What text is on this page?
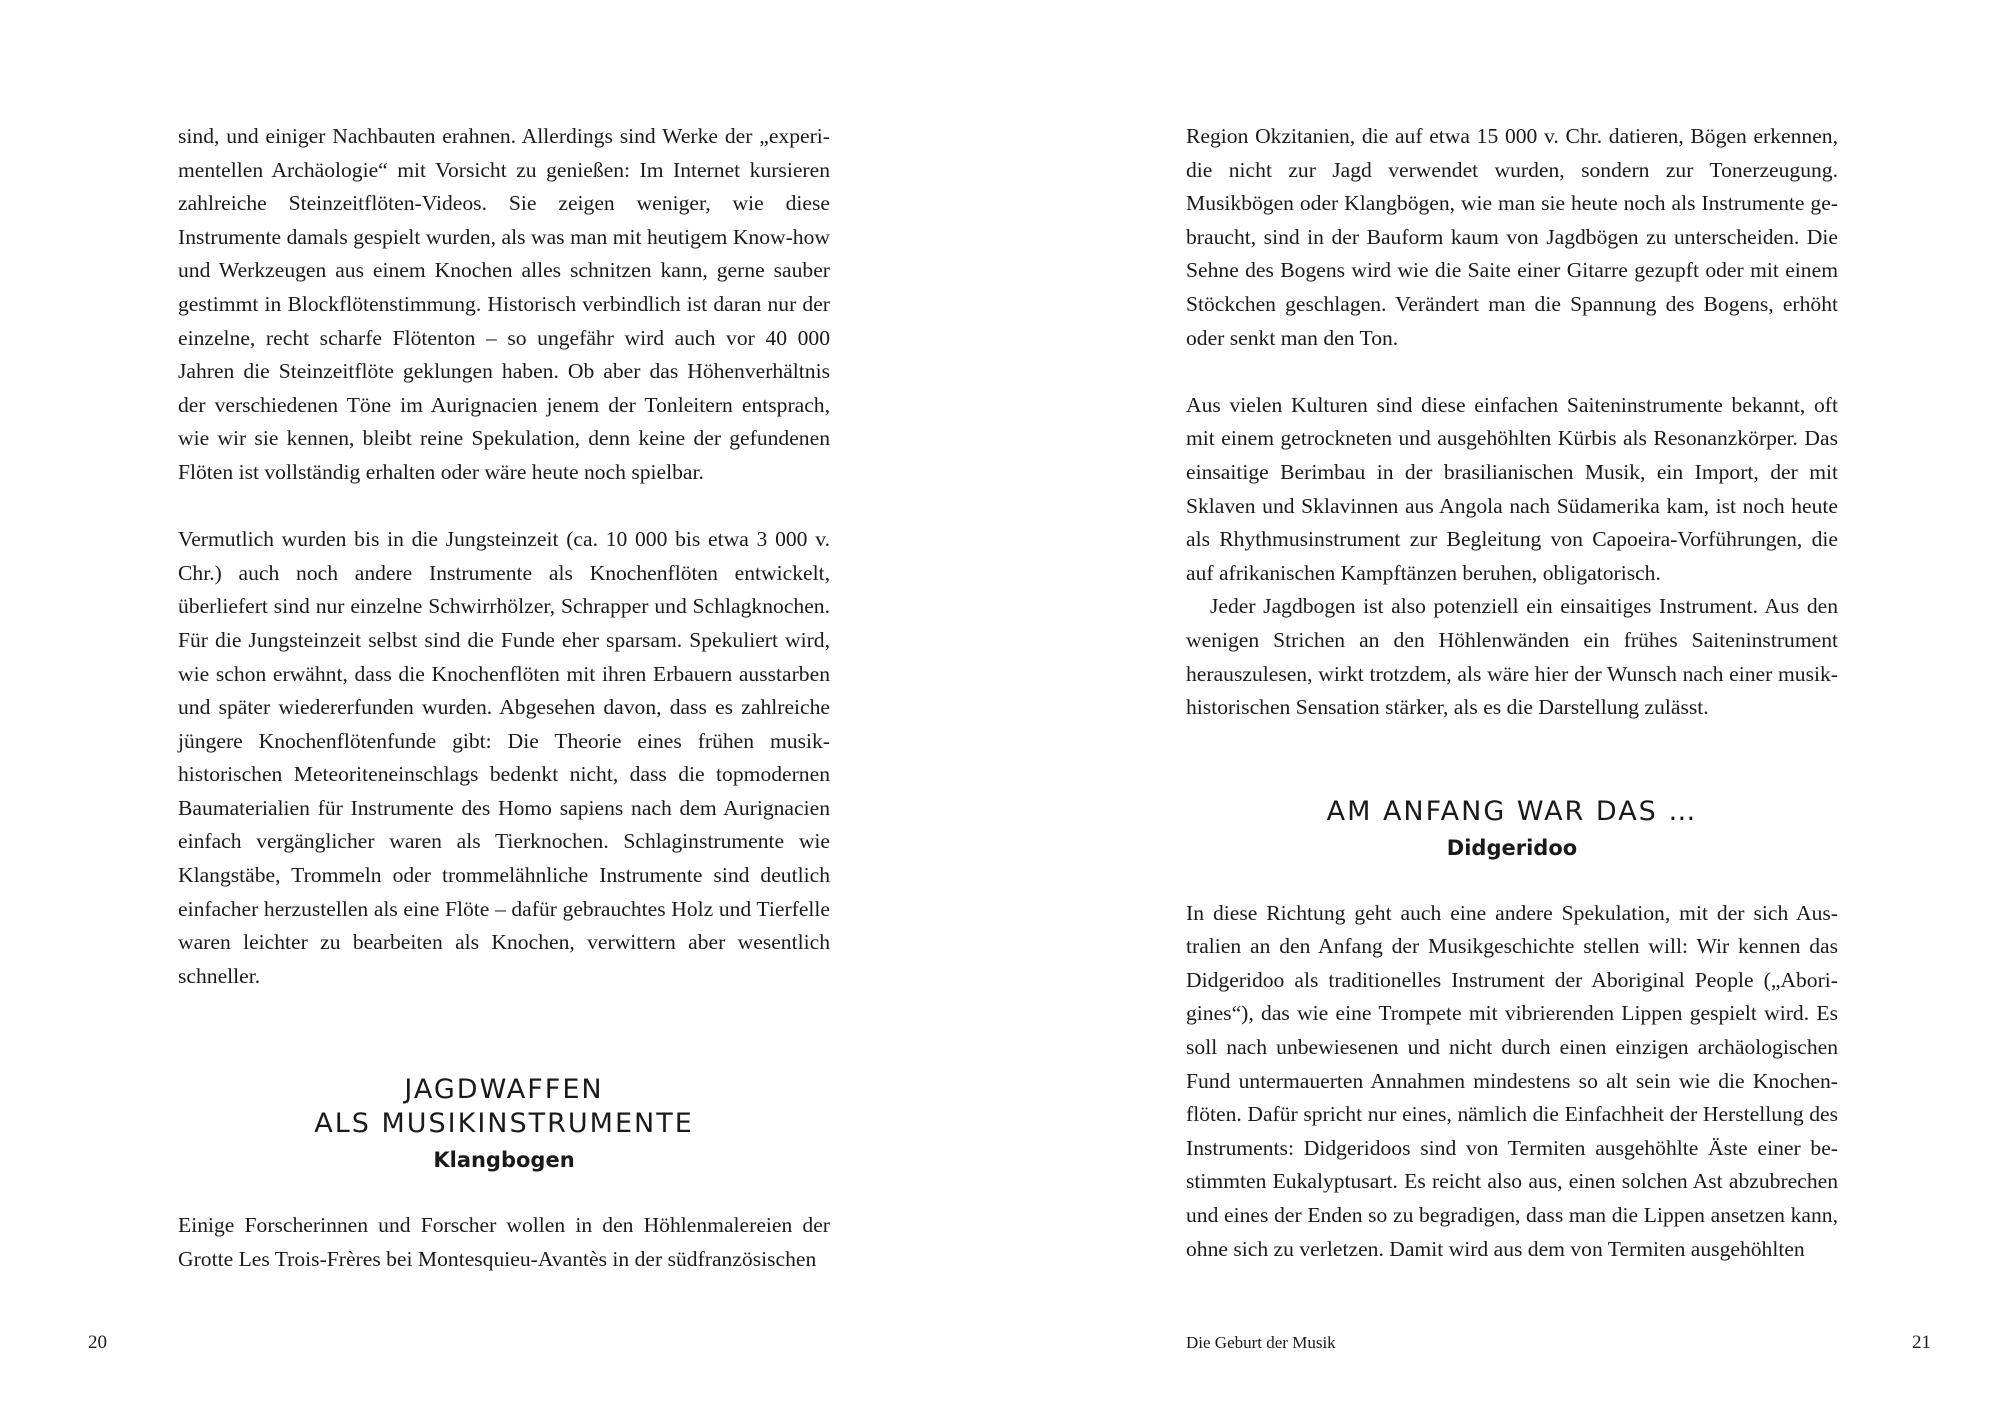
sind, und einiger Nachbauten erahnen. Allerdings sind Werke der „experimentellen Archäologie“ mit Vorsicht zu genießen: Im Internet kursieren zahlreiche Steinzeitflöten-Videos. Sie zeigen weniger, wie diese Instrumente damals gespielt wurden, als was man mit heutigem Know-how und Werkzeugen aus einem Knochen alles schnitzen kann, gerne sauber gestimmt in Blockflötenstimmung. Historisch verbindlich ist daran nur der einzelne, recht scharfe Flötenton – so ungefähr wird auch vor 40 000 Jahren die Steinzeitflöte geklungen haben. Ob aber das Höhenverhältnis der verschiedenen Töne im Aurignacien jenem der Tonleitern entsprach, wie wir sie kennen, bleibt reine Spekulation, denn keine der gefundenen Flöten ist vollständig erhalten oder wäre heute noch spielbar.

Vermutlich wurden bis in die Jungsteinzeit (ca. 10 000 bis etwa 3 000 v. Chr.) auch noch andere Instrumente als Knochenflöten entwickelt, überliefert sind nur einzelne Schwirrhölzer, Schrapper und Schlagknochen. Für die Jungsteinzeit selbst sind die Funde eher sparsam. Spekuliert wird, wie schon erwähnt, dass die Knochenflöten mit ihren Erbauern ausstarben und später wiedererfunden wurden. Abgesehen davon, dass es zahlreiche jüngere Knochenflötenfunde gibt: Die Theorie eines frühen musikhistorischen Meteoriteneinschlags bedenkt nicht, dass die topmodernen Baumaterialien für Instrumente des Homo sapiens nach dem Aurignacien einfach vergänglicher waren als Tierknochen. Schlaginstrumente wie Klangstäbe, Trommeln oder trommelähnliche Instrumente sind deutlich einfacher herzustellen als eine Flöte – dafür gebrauchtes Holz und Tierfelle waren leichter zu bearbeiten als Knochen, verwittern aber wesentlich schneller.

JAGDWAFFEN
ALS MUSIKINSTRUMENTE
Klangbogen

Einige Forscherinnen und Forscher wollen in den Höhlenmalereien der Grotte Les Trois-Frères bei Montesquieu-Avantès in der südfranzösischen

20

Region Okzitanien, die auf etwa 15 000 v. Chr. datieren, Bögen erkennen, die nicht zur Jagd verwendet wurden, sondern zur Tonerzeugung. Musikbögen oder Klangbögen, wie man sie heute noch als Instrumente gebraucht, sind in der Bauform kaum von Jagdbögen zu unterscheiden. Die Sehne des Bogens wird wie die Saite einer Gitarre gezupft oder mit einem Stöckchen geschlagen. Verändert man die Spannung des Bogens, erhöht oder senkt man den Ton.

Aus vielen Kulturen sind diese einfachen Saiteninstrumente bekannt, oft mit einem getrockneten und ausgehöhlten Kürbis als Resonanzkörper. Das einsaitige Berimbau in der brasilianischen Musik, ein Import, der mit Sklaven und Sklavinnen aus Angola nach Südamerika kam, ist noch heute als Rhythmusinstrument zur Begleitung von Capoeira-Vorführungen, die auf afrikanischen Kampftänzen beruhen, obligatorisch.

Jeder Jagdbogen ist also potenziell ein einsaitiges Instrument. Aus den wenigen Strichen an den Höhlenwänden ein frühes Saiteninstrument herauszulesen, wirkt trotzdem, als wäre hier der Wunsch nach einer musikhistorischen Sensation stärker, als es die Darstellung zulässt.

AM ANFANG WAR DAS …
Didgeridoo

In diese Richtung geht auch eine andere Spekulation, mit der sich Australien an den Anfang der Musikgeschichte stellen will: Wir kennen das Didgeridoo als traditionelles Instrument der Aboriginal People („Aborigines“), das wie eine Trompete mit vibrierenden Lippen gespielt wird. Es soll nach unbewiesenen und nicht durch einen einzigen archäologischen Fund untermauerten Annahmen mindestens so alt sein wie die Knochenflöten. Dafür spricht nur eines, nämlich die Einfachheit der Herstellung des Instruments: Didgeridoos sind von Termiten ausgehöhlte Äste einer bestimmten Eukalyptusart. Es reicht also aus, einen solchen Ast abzubrechen und eines der Enden so zu begradigen, dass man die Lippen ansetzen kann, ohne sich zu verletzen. Damit wird aus dem von Termiten ausgehöhlten

Die Geburt der Musik	21
